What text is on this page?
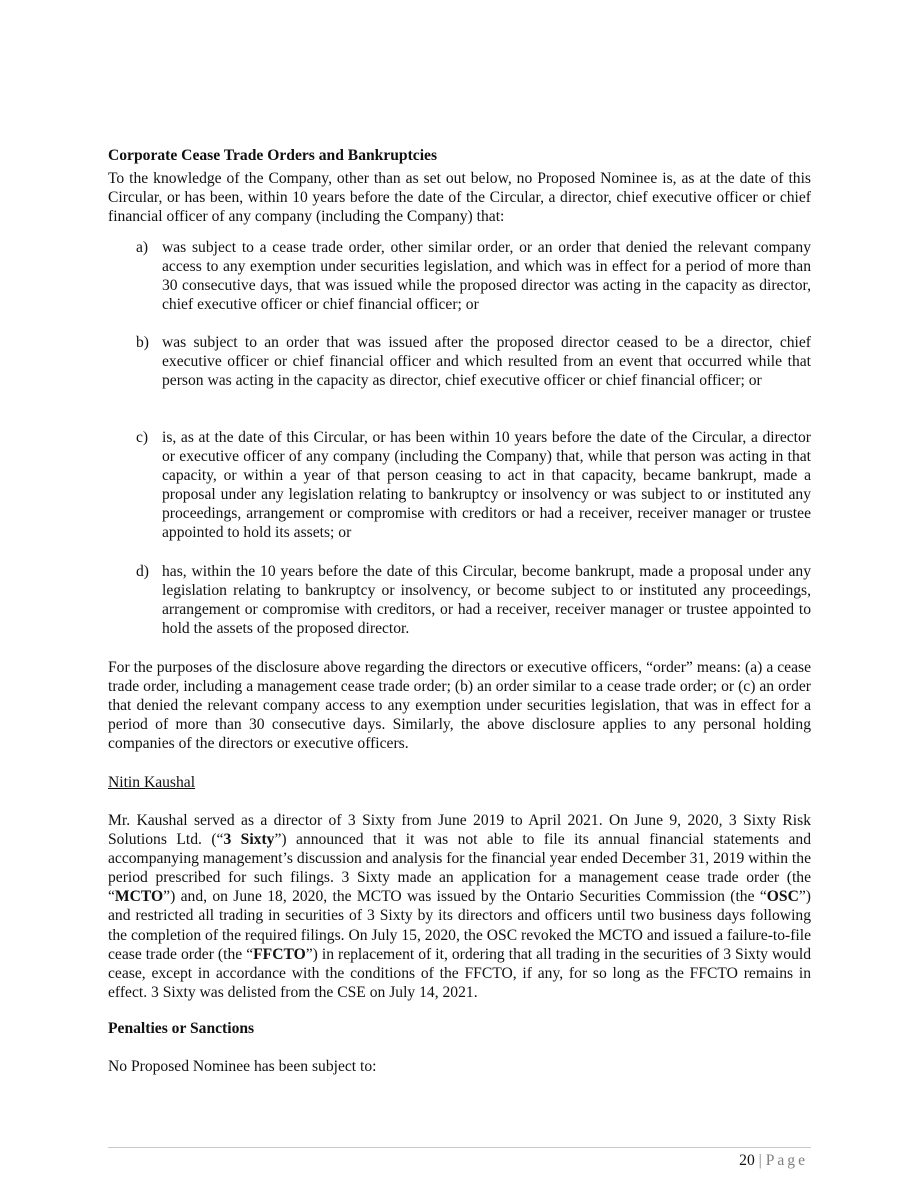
Corporate Cease Trade Orders and Bankruptcies
To the knowledge of the Company, other than as set out below, no Proposed Nominee is, as at the date of this Circular, or has been, within 10 years before the date of the Circular, a director, chief executive officer or chief financial officer of any company (including the Company) that:
a) was subject to a cease trade order, other similar order, or an order that denied the relevant company access to any exemption under securities legislation, and which was in effect for a period of more than 30 consecutive days, that was issued while the proposed director was acting in the capacity as director, chief executive officer or chief financial officer; or
b) was subject to an order that was issued after the proposed director ceased to be a director, chief executive officer or chief financial officer and which resulted from an event that occurred while that person was acting in the capacity as director, chief executive officer or chief financial officer; or
c) is, as at the date of this Circular, or has been within 10 years before the date of the Circular, a director or executive officer of any company (including the Company) that, while that person was acting in that capacity, or within a year of that person ceasing to act in that capacity, became bankrupt, made a proposal under any legislation relating to bankruptcy or insolvency or was subject to or instituted any proceedings, arrangement or compromise with creditors or had a receiver, receiver manager or trustee appointed to hold its assets; or
d) has, within the 10 years before the date of this Circular, become bankrupt, made a proposal under any legislation relating to bankruptcy or insolvency, or become subject to or instituted any proceedings, arrangement or compromise with creditors, or had a receiver, receiver manager or trustee appointed to hold the assets of the proposed director.
For the purposes of the disclosure above regarding the directors or executive officers, “order” means: (a) a cease trade order, including a management cease trade order; (b) an order similar to a cease trade order; or (c) an order that denied the relevant company access to any exemption under securities legislation, that was in effect for a period of more than 30 consecutive days. Similarly, the above disclosure applies to any personal holding companies of the directors or executive officers.
Nitin Kaushal
Mr. Kaushal served as a director of 3 Sixty from June 2019 to April 2021. On June 9, 2020, 3 Sixty Risk Solutions Ltd. (“3 Sixty”) announced that it was not able to file its annual financial statements and accompanying management’s discussion and analysis for the financial year ended December 31, 2019 within the period prescribed for such filings. 3 Sixty made an application for a management cease trade order (the “MCTO”) and, on June 18, 2020, the MCTO was issued by the Ontario Securities Commission (the “OSC”) and restricted all trading in securities of 3 Sixty by its directors and officers until two business days following the completion of the required filings. On July 15, 2020, the OSC revoked the MCTO and issued a failure-to-file cease trade order (the “FFCTO”) in replacement of it, ordering that all trading in the securities of 3 Sixty would cease, except in accordance with the conditions of the FFCTO, if any, for so long as the FFCTO remains in effect. 3 Sixty was delisted from the CSE on July 14, 2021.
Penalties or Sanctions
No Proposed Nominee has been subject to:
20 | Page
